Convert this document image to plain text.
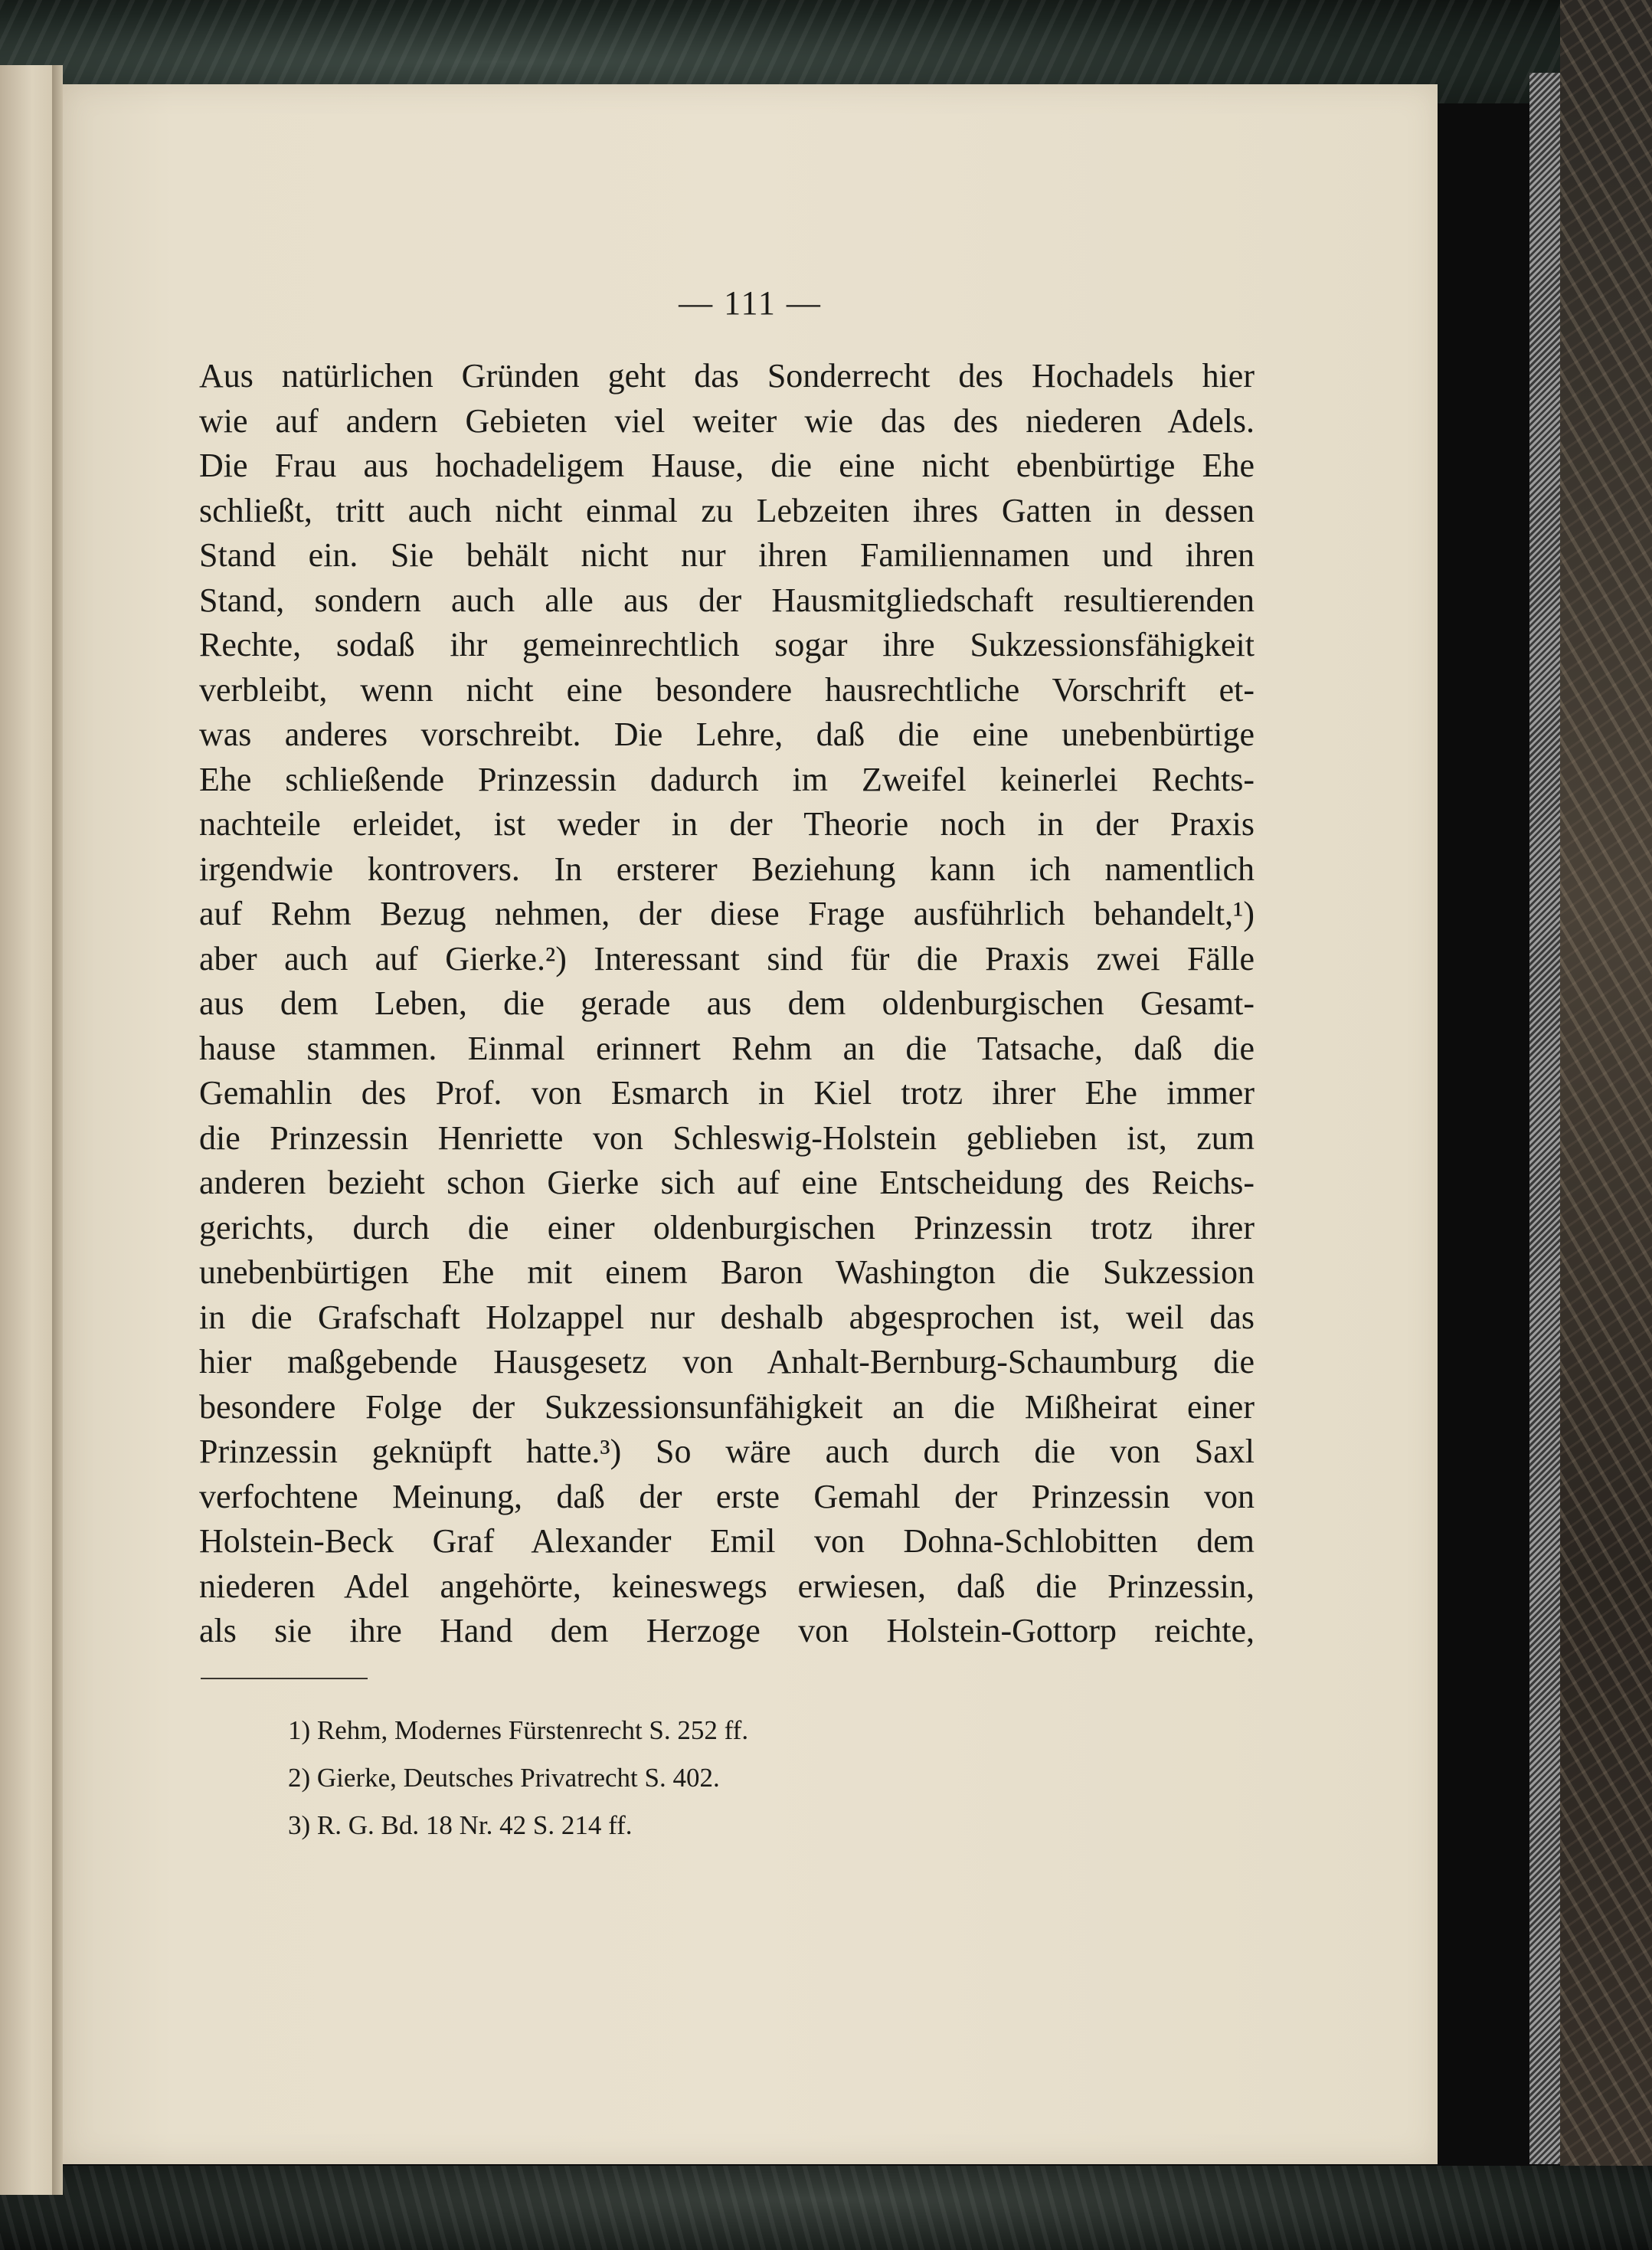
— 111 —
Aus natürlichen Gründen geht das Sonderrecht des Hochadels hier
wie auf andern Gebieten viel weiter wie das des niederen Adels.
Die Frau aus hochadeligem Hause, die eine nicht ebenbürtige Ehe
schließt, tritt auch nicht einmal zu Lebzeiten ihres Gatten in dessen
Stand ein. Sie behält nicht nur ihren Familiennamen und ihren
Stand, sondern auch alle aus der Hausmitgliedschaft resultierenden
Rechte, sodaß ihr gemeinrechtlich sogar ihre Sukzessionsfähigkeit
verbleibt, wenn nicht eine besondere hausrechtliche Vorschrift et-
was anderes vorschreibt. Die Lehre, daß die eine unebenbürtige
Ehe schließende Prinzessin dadurch im Zweifel keinerlei Rechts-
nachteile erleidet, ist weder in der Theorie noch in der Praxis
irgendwie kontrovers. In ersterer Beziehung kann ich namentlich
auf Rehm Bezug nehmen, der diese Frage ausführlich behandelt,¹)
aber auch auf Gierke.²) Interessant sind für die Praxis zwei Fälle
aus dem Leben, die gerade aus dem oldenburgischen Gesamt-
hause stammen. Einmal erinnert Rehm an die Tatsache, daß die
Gemahlin des Prof. von Esmarch in Kiel trotz ihrer Ehe immer
die Prinzessin Henriette von Schleswig-Holstein geblieben ist, zum
anderen bezieht schon Gierke sich auf eine Entscheidung des Reichs-
gerichts, durch die einer oldenburgischen Prinzessin trotz ihrer
unebenbürtigen Ehe mit einem Baron Washington die Sukzession
in die Grafschaft Holzappel nur deshalb abgesprochen ist, weil das
hier maßgebende Hausgesetz von Anhalt-Bernburg-Schaumburg die
besondere Folge der Sukzessionsunfähigkeit an die Mißheirat einer
Prinzessin geknüpft hatte.³) So wäre auch durch die von Saxl
verfochtene Meinung, daß der erste Gemahl der Prinzessin von
Holstein-Beck Graf Alexander Emil von Dohna-Schlobitten dem
niederen Adel angehörte, keineswegs erwiesen, daß die Prinzessin,
als sie ihre Hand dem Herzoge von Holstein-Gottorp reichte,
1) Rehm, Modernes Fürstenrecht S. 252 ff.
2) Gierke, Deutsches Privatrecht S. 402.
3) R. G. Bd. 18 Nr. 42 S. 214 ff.
